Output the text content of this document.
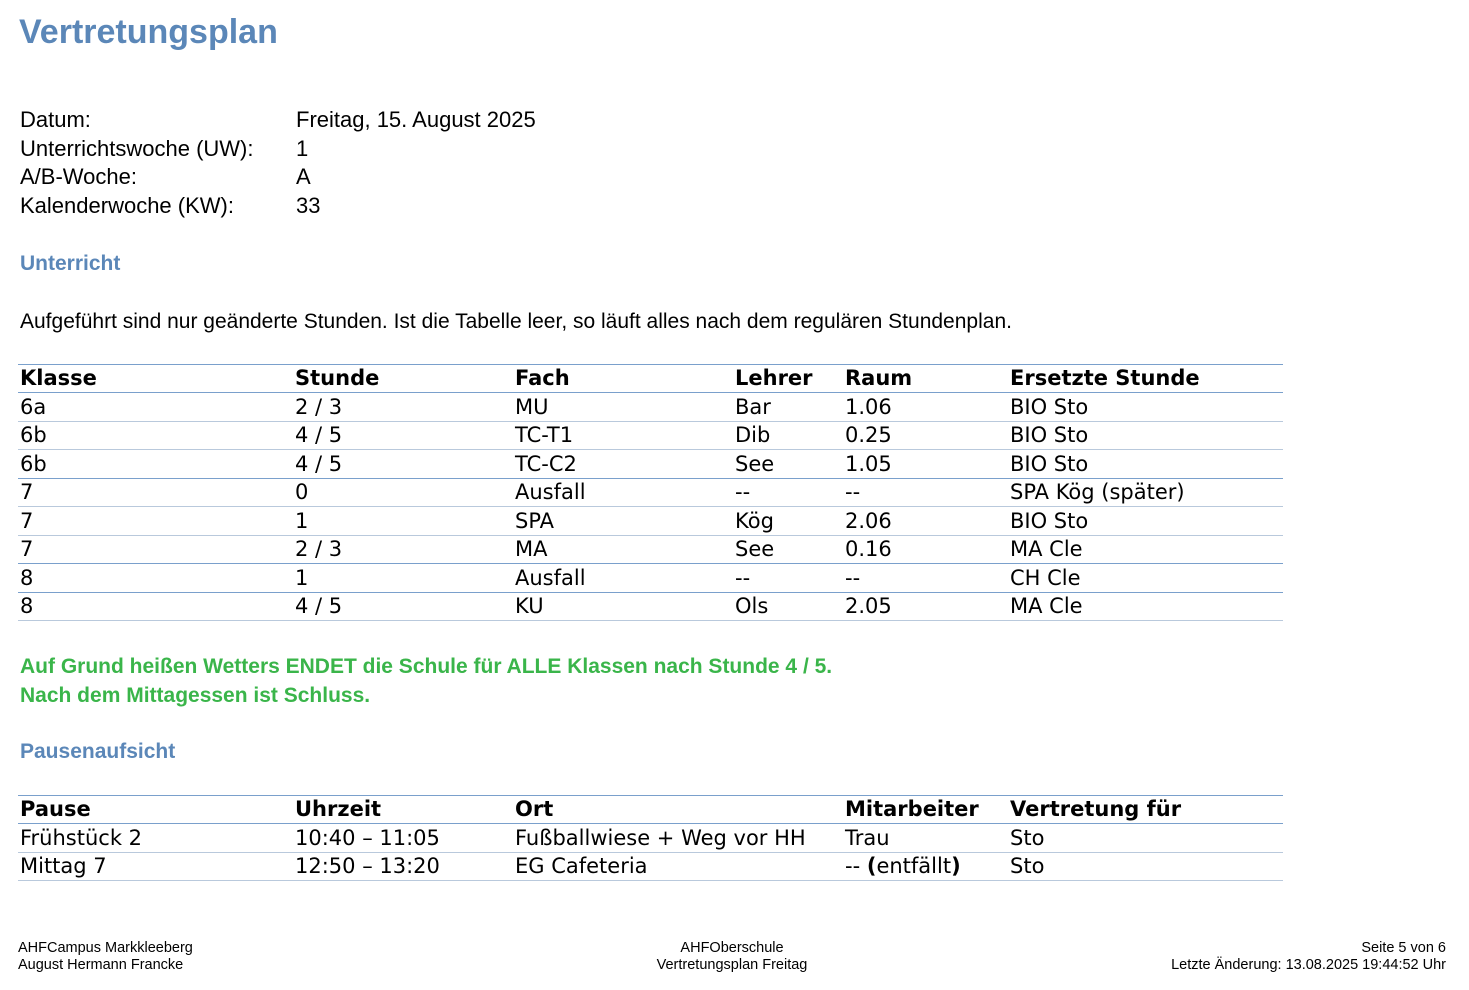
Vertretungsplan
Datum:	Freitag, 15. August 2025
Unterrichtswoche (UW): 1
A/B-Woche:	A
Kalenderwoche (KW):	33
Unterricht
Aufgeführt sind nur geänderte Stunden. Ist die Tabelle leer, so läuft alles nach dem regulären Stundenplan.
Klasse	Stunde	Fach	Lehrer	Raum	Ersetzte Stunde
6a	2 / 3	MU	Bar	1.06	BIO Sto
6b	4 / 5	TC-T1	Dib	0.25	BIO Sto
6b	4 / 5	TC-C2	See	1.05	BIO Sto
7	0	Ausfall	--	--	SPA Kög (später)
7	1	SPA	Kög	2.06	BIO Sto
7	2 / 3	MA	See	0.16	MA Cle
8	1	Ausfall	--	--	CH Cle
8	4 / 5	KU	Ols	2.05	MA Cle
Auf Grund heißen Wetters ENDET die Schule für ALLE Klassen nach Stunde 4 / 5.
Nach dem Mittagessen ist Schluss.
Pausenaufsicht
Pause	Uhrzeit	Ort	Mitarbeiter	Vertretung für
Frühstück 2	10:40 – 11:05	Fußballwiese + Weg vor HH	Trau	Sto
Mittag 7	12:50 – 13:20	EG Cafeteria	-- (entfällt)	Sto
AHFCampus Markkleeberg
August Hermann Francke
AHFOberschule
Vertretungsplan Freitag
Seite 5 von 6
Letzte Änderung: 13.08.2025 19:44:52 Uhr
